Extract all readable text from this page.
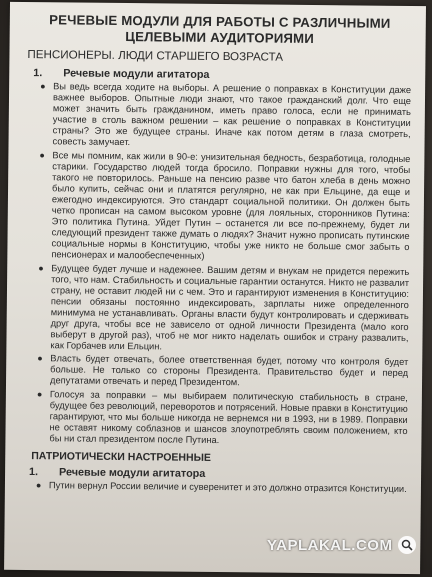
РЕЧЕВЫЕ МОДУЛИ ДЛЯ РАБОТЫ С РАЗЛИЧНЫМИ ЦЕЛЕВЫМИ АУДИТОРИЯМИ
ПЕНСИОНЕРЫ. ЛЮДИ СТАРШЕГО ВОЗРАСТА
1.	Речевые модули агитатора
● Вы ведь всегда ходите на выборы. А решение о поправках в Конституции даже важнее выборов. Опытные люди знают, что такое гражданский долг. Что еще может значить быть гражданином, иметь право голоса, если не принимать участие в столь важном решении – как решение о поправках в Конституции страны? Это же будущее страны. Иначе как потом детям в глаза смотреть, совесть замучает.
● Все мы помним, как жили в 90-е: унизительная бедность, безработица, голодные старики. Государство людей тогда бросило. Поправки нужны для того, чтобы такого не повторилось. Раньше на пенсию разве что батон хлеба в день можно было купить, сейчас они и платятся регулярно, не как при Ельцине, да еще и ежегодно индексируются. Это стандарт социальной политики. Он должен быть четко прописан на самом высоком уровне (для лояльных, сторонников Путина: Это политика Путина. Уйдет Путин – останется ли все по-прежнему, будет ли следующий президент также думать о людях? Значит нужно прописать путинские социальные нормы в Конституцию, чтобы уже никто не больше смог забыть о пенсионерах и малообеспеченных)
● Будущее будет лучше и надежнее. Вашим детям и внукам не придется пережить того, что нам. Стабильность и социальные гарантии останутся. Никто не развалит страну, не оставит людей ни с чем. Это и гарантируют изменения в Конституцию: пенсии обязаны постоянно индексировать, зарплаты ниже определенного минимума не устанавливать. Органы власти будут контролировать и сдерживать друг друга, чтобы все не зависело от одной личности Президента (мало кого выберут в другой раз), чтоб не мог никто наделать ошибок и страну развалить, как Горбачев или Ельцин.
● Власть будет отвечать, более ответственная будет, потому что контроля будет больше. Не только со стороны Президента. Правительство будет и перед депутатами отвечать и перед Президентом.
● Голосуя за поправки – мы выбираем политическую стабильность в стране, будущее без революций, переворотов и потрясений. Новые правки в Конституцию гарантируют, что мы больше никогда не вернемся ни в 1993, ни в 1989. Поправки не оставят никому соблазнов и шансов злоупотреблять своим положением, кто бы ни стал президентом после Путина.
ПАТРИОТИЧЕСКИ НАСТРОЕННЫЕ
1.	Речевые модули агитатора
● Путин вернул России величие и суверенитет и это должно отразится Конституции.
YAPLAKAL.COM
